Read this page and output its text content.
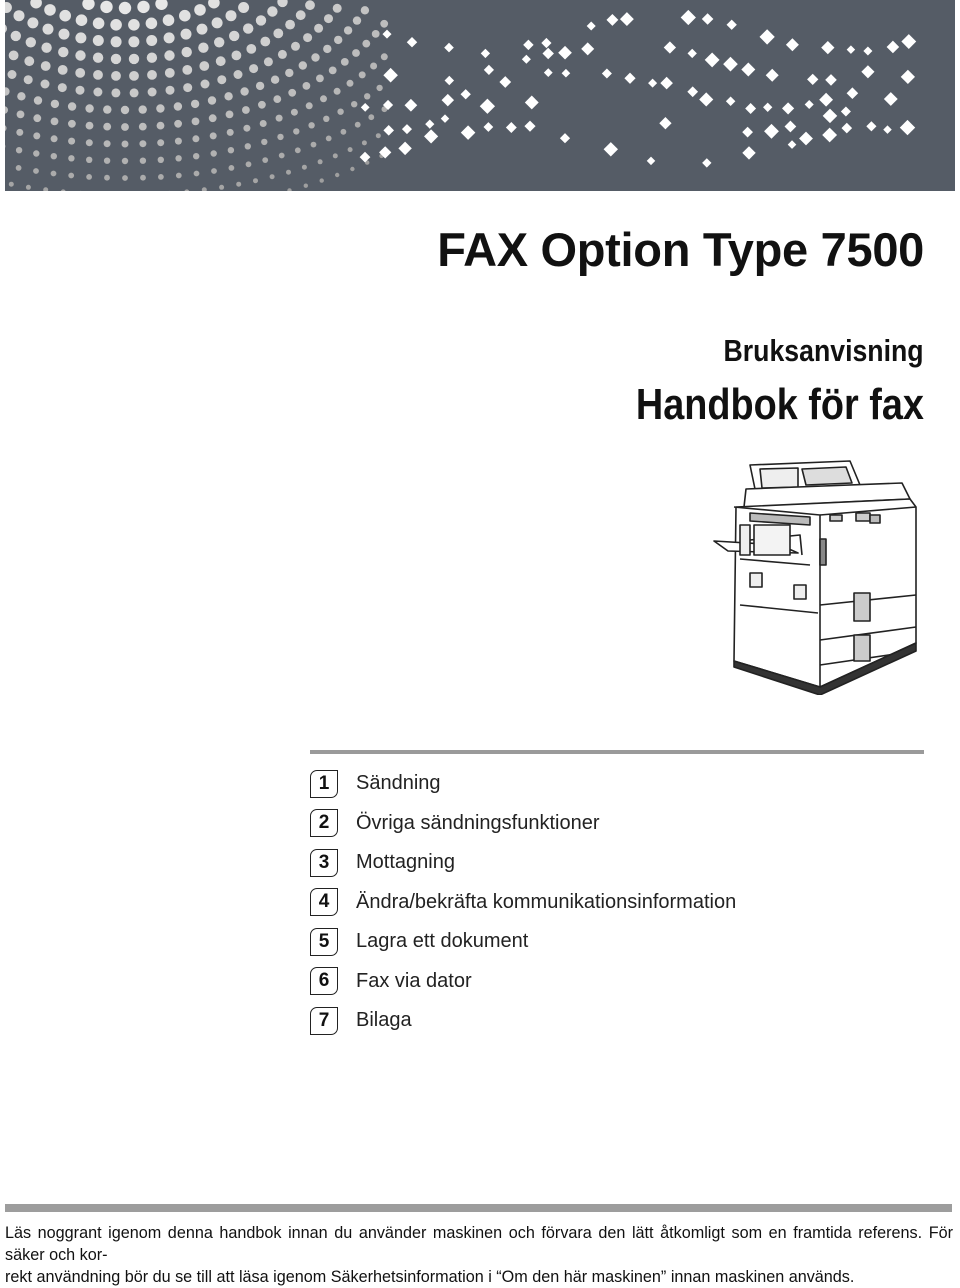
FAX Option Type 7500
Bruksanvisning
Handbok för fax
1	Sändning
2	Övriga sändningsfunktioner
3	Mottagning
4	Ändra/bekräfta kommunikationsinformation
5	Lagra ett dokument
6	Fax via dator
7	Bilaga
Läs noggrant igenom denna handbok innan du använder maskinen och förvara den lätt åtkomligt som en framtida referens. För säker och kor-
rekt användning bör du se till att läsa igenom Säkerhetsinformation i “Om den här maskinen” innan maskinen används.
